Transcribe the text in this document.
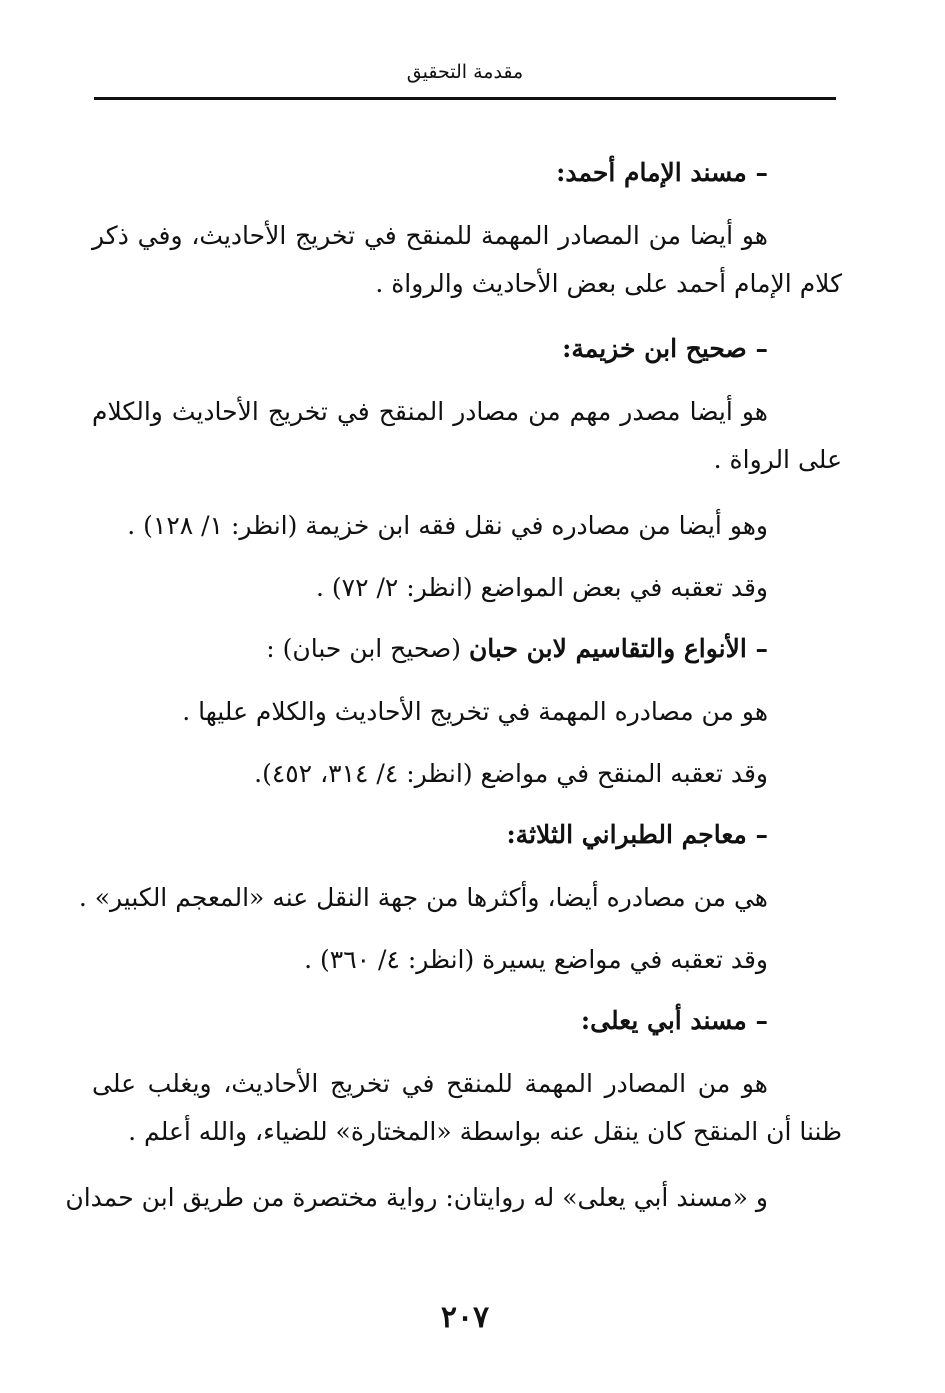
مقدمة التحقيق
– مسند الإمام أحمد:
هو أيضا من المصادر المهمة للمنقح في تخريج الأحاديث، وفي ذكر كلام الإمام أحمد على بعض الأحاديث والرواة .
– صحيح ابن خزيمة:
هو أيضا مصدر مهم من مصادر المنقح في تخريج الأحاديث والكلام على الرواة .
وهو أيضا من مصادره في نقل فقه ابن خزيمة (انظر: ١/ ١٢٨) .
وقد تعقبه في بعض المواضع (انظر: ٢/ ٧٢) .
– الأنواع والتقاسيم لابن حبان (صحيح ابن حبان) :
هو من مصادره المهمة في تخريج الأحاديث والكلام عليها .
وقد تعقبه المنقح في مواضع (انظر: ٤/ ٣١٤، ٤٥٢).
– معاجم الطبراني الثلاثة:
هي من مصادره أيضا، وأكثرها من جهة النقل عنه «المعجم الكبير» .
وقد تعقبه في مواضع يسيرة (انظر: ٤/ ٣٦٠) .
– مسند أبي يعلى:
هو من المصادر المهمة للمنقح في تخريج الأحاديث، ويغلب على ظننا أن المنقح كان ينقل عنه بواسطة «المختارة» للضياء، والله أعلم .
و «مسند أبي يعلى» له روايتان: رواية مختصرة من طريق ابن حمدان
٢٠٧
